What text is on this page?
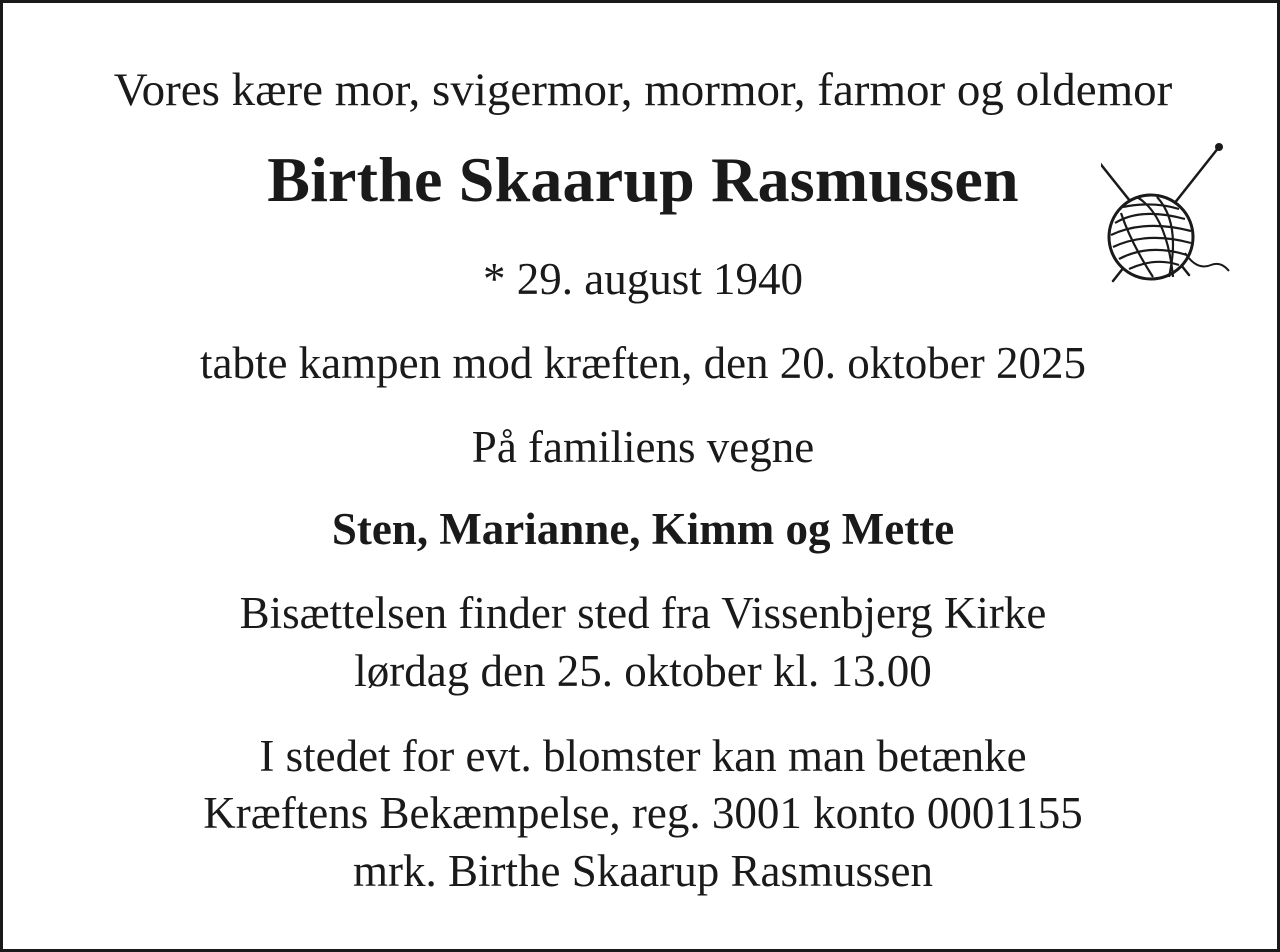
Vores kære mor, svigermor, mormor, farmor og oldemor
Birthe Skaarup Rasmussen
* 29. august 1940
tabte kampen mod kræften, den 20. oktober 2025
På familiens vegne
Sten, Marianne, Kimm og Mette
Bisættelsen finder sted fra Vissenbjerg Kirke
lørdag den 25. oktober kl. 13.00
I stedet for evt. blomster kan man betænke
Kræftens Bekæmpelse, reg. 3001 konto 0001155
mrk. Birthe Skaarup Rasmussen
